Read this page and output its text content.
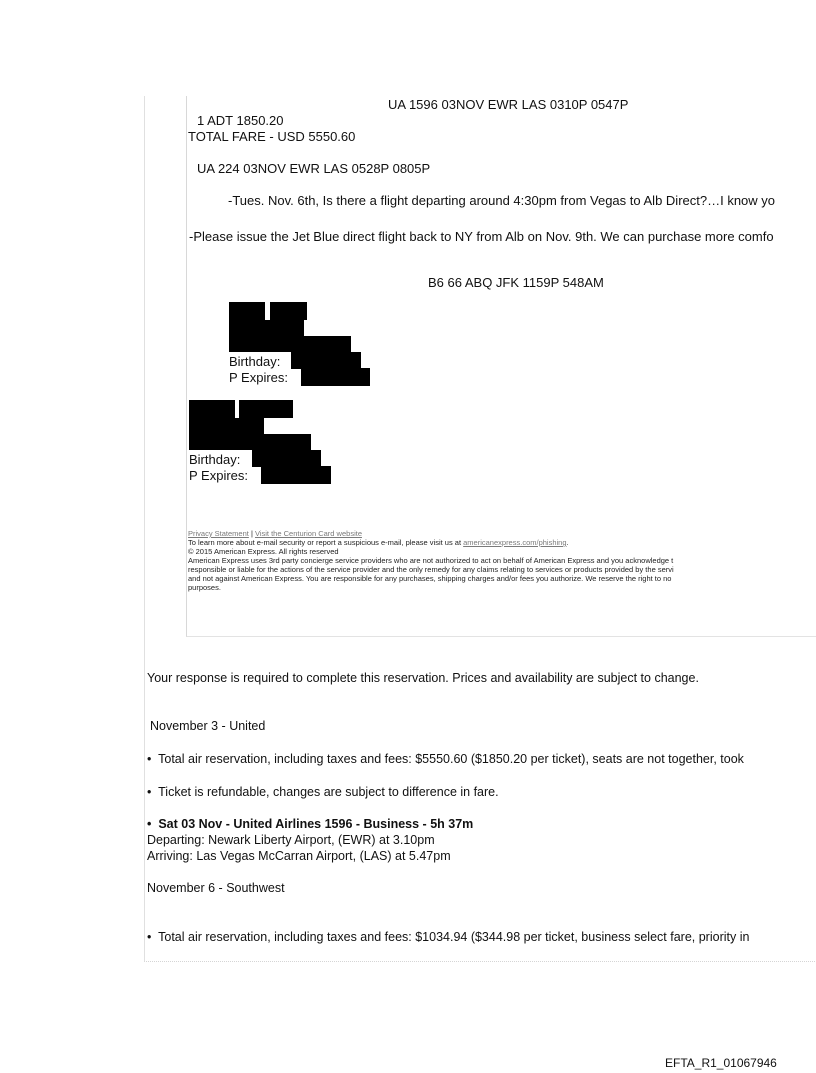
UA 1596 03NOV EWR LAS 0310P 0547P
1 ADT 1850.20
TOTAL FARE - USD 5550.60
UA 224 03NOV EWR LAS 0528P 0805P
-Tues. Nov. 6th, Is there a flight departing around 4:30pm from Vegas to Alb Direct?…I know yo
-Please issue the Jet Blue direct flight back to NY from Alb on Nov. 9th. We can purchase more comfo
B6 66 ABQ JFK 1159P 548AM
Birthday:
P Expires:
Birthday:
P Expires:
Privacy Statement | Visit the Centurion Card website
To learn more about e-mail security or report a suspicious e-mail, please visit us at americanexpress.com/phishing.
© 2015 American Express. All rights reserved
American Express uses 3rd party concierge service providers who are not authorized to act on behalf of American Express and you acknowledge t
responsible or liable for the actions of the service provider and the only remedy for any claims relating to services or products provided by the servi
and not against American Express. You are responsible for any purchases, shipping charges and/or fees you authorize. We reserve the right to no
purposes.
Your response is required to complete this reservation. Prices and availability are subject to change.
November 3 - United
• Total air reservation, including taxes and fees: $5550.60 ($1850.20 per ticket), seats are not together, took
• Ticket is refundable, changes are subject to difference in fare.
• Sat 03 Nov - United Airlines 1596 - Business - 5h 37m
Departing: Newark Liberty Airport, (EWR) at 3.10pm
Arriving: Las Vegas McCarran Airport, (LAS) at 5.47pm
November 6 - Southwest
• Total air reservation, including taxes and fees: $1034.94 ($344.98 per ticket, business select fare, priority in
EFTA_R1_01067946
